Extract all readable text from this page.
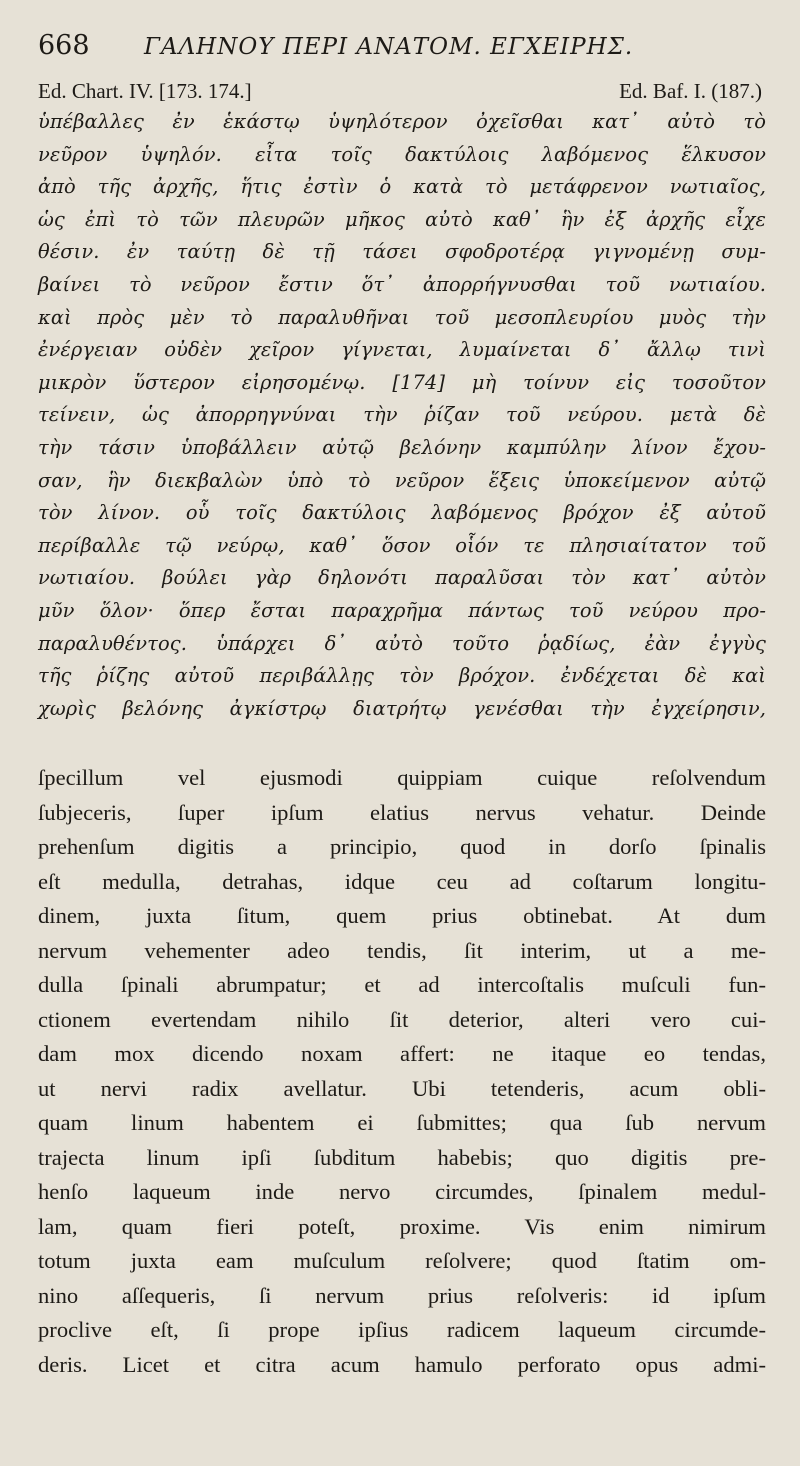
668	ΓΑΛΗΝΟΥ ΠΕΡΙ ΑΝΑΤΟΜ. ΕΓΧΕΙΡΗΣ.
Ed. Chart. IV. [173. 174.]	Ed. Baf. I. (187.)
ὑπέβαλλες ἐν ἑκάστῳ ὑψηλότερον ὀχεῖσθαι κατ᾽ αὐτὸ τὸ
νεῦρον ὑψηλόν. εἶτα τοῖς δακτύλοις λαβόμενος ἕλκυσον
ἀπὸ τῆς ἀρχῆς, ἥτις ἐστὶν ὁ κατὰ τὸ μετάφρενον νωτιαῖος,
ὡς ἐπὶ τὸ τῶν πλευρῶν μῆκος αὐτὸ καθ᾽ ἣν ἐξ ἀρχῆς εἶχε
θέσιν. ἐν ταύτῃ δὲ τῇ τάσει σφοδροτέρᾳ γιγνομένῃ συμ-
βαίνει τὸ νεῦρον ἔστιν ὅτ᾽ ἀπορρήγνυσθαι τοῦ νωτιαίου.
καὶ πρὸς μὲν τὸ παραλυθῆναι τοῦ μεσοπλευρίου μυὸς τὴν
ἐνέργειαν οὐδὲν χεῖρον γίγνεται, λυμαίνεται δ᾽ ἄλλῳ τινὶ
μικρὸν ὕστερον εἰρησομένῳ. [174] μὴ τοίνυν εἰς τοσοῦτον
τείνειν, ὡς ἀπορρηγνύναι τὴν ῥίζαν τοῦ νεύρου. μετὰ δὲ
τὴν τάσιν ὑποβάλλειν αὐτῷ βελόνην καμπύλην λίνον ἔχου-
σαν, ἣν διεκβαλὼν ὑπὸ τὸ νεῦρον ἕξεις ὑποκείμενον αὐτῷ
τὸν λίνον. οὗ τοῖς δακτύλοις λαβόμενος βρόχον ἐξ αὐτοῦ
περίβαλλε τῷ νεύρῳ, καθ᾽ ὅσον οἷόν τε πλησιαίτατον τοῦ
νωτιαίου. βούλει γὰρ δηλονότι παραλῦσαι τὸν κατ᾽ αὐτὸν
μῦν ὅλον· ὅπερ ἔσται παραχρῆμα πάντως τοῦ νεύρου προ-
παραλυθέντος. ὑπάρχει δ᾽ αὐτὸ τοῦτο ῥᾳδίως, ἐὰν ἐγγὺς
τῆς ῥίζης αὐτοῦ περιβάλλῃς τὸν βρόχον. ἐνδέχεται δὲ καὶ
χωρὶς βελόνης ἀγκίστρῳ διατρήτῳ γενέσθαι τὴν ἐγχείρησιν,
ſpecillum vel ejusmodi quippiam cuique reſolvendum
ſubjeceris, ſuper ipſum elatius nervus vehatur. Deinde
prehenſum digitis a principio, quod in dorſo ſpinalis
eſt medulla, detrahas, idque ceu ad coſtarum longitu-
dinem, juxta ſitum, quem prius obtinebat. At dum
nervum vehementer adeo tendis, ſit interim, ut a me-
dulla ſpinali abrumpatur; et ad intercoſtalis muſculi fun-
ctionem evertendam nihilo ſit deterior, alteri vero cui-
dam mox dicendo noxam affert: ne itaque eo tendas,
ut nervi radix avellatur. Ubi tetenderis, acum obli-
quam linum habentem ei ſubmittes; qua ſub nervum
trajecta linum ipſi ſubditum habebis; quo digitis pre-
henſo laqueum inde nervo circumdes, ſpinalem medul-
lam, quam fieri poteſt, proxime. Vis enim nimirum
totum juxta eam muſculum reſolvere; quod ſtatim om-
nino aſſequeris, ſi nervum prius reſolveris: id ipſum
proclive eſt, ſi prope ipſius radicem laqueum circumde-
deris. Licet et citra acum hamulo perforato opus admi-
